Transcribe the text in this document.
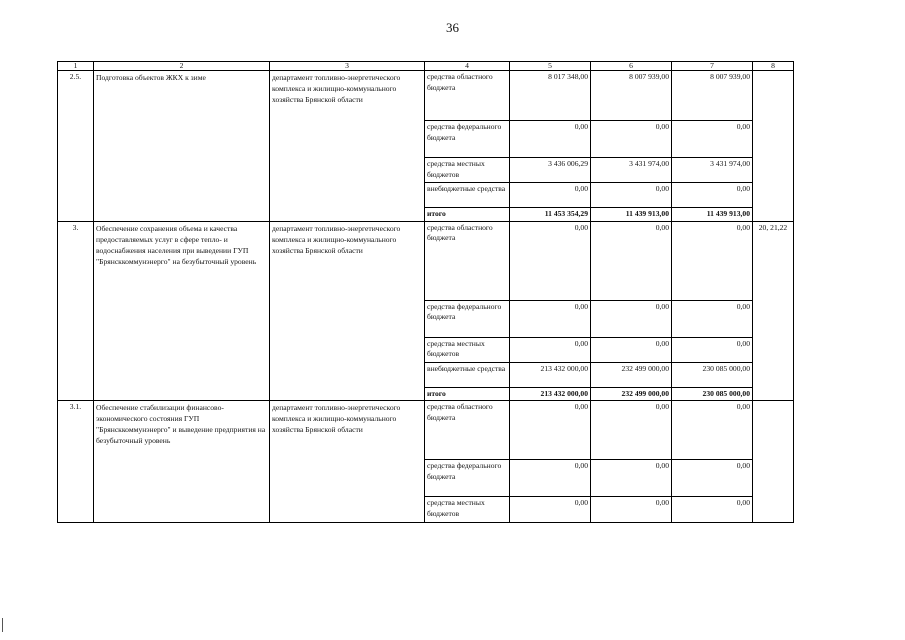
36
1	2	3	4	5	6	7	8
2.5.	Подготовка объектов ЖКХ к зиме	департамент топливно-энергетического комплекса и жилищно-коммунального хозяйства Брянской области	средства областного бюджета	8 017 348,00	8 007 939,00	8 007 939,00	
			средства федерального бюджета	0,00	0,00	0,00	
			средства местных бюджетов	3 436 006,29	3 431 974,00	3 431 974,00	
			внебюджетные средства	0,00	0,00	0,00	
			итого	11 453 354,29	11 439 913,00	11 439 913,00	
3.	Обеспечение сохранения объема и качества предоставляемых услуг в сфере тепло- и водоснабжения населения при выведении ГУП "Брянсккоммунэнерго" на безубыточный уровень	департамент топливно-энергетического комплекса и жилищно-коммунального хозяйства Брянской области	средства областного бюджета	0,00	0,00	0,00	20, 21,22
			средства федерального бюджета	0,00	0,00	0,00	
			средства местных бюджетов	0,00	0,00	0,00	
			внебюджетные средства	213 432 000,00	232 499 000,00	230 085 000,00	
			итого	213 432 000,00	232 499 000,00	230 085 000,00	
3.1.	Обеспечение стабилизации финансово-экономического состояния ГУП "Брянсккоммунэнерго" и выведение предприятия на безубыточный уровень	департамент топливно-энергетического комплекса и жилищно-коммунального хозяйства Брянской области	средства областного бюджета	0,00	0,00	0,00	
			средства федерального бюджета	0,00	0,00	0,00	
			средства местных бюджетов	0,00	0,00	0,00	
